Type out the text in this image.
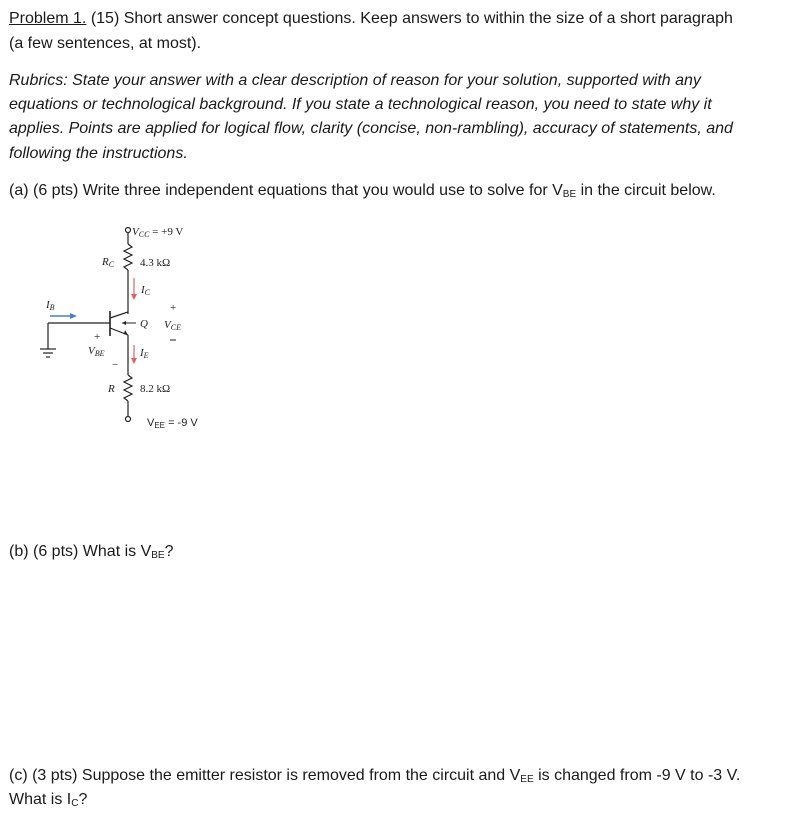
Problem 1. (15) Short answer concept questions. Keep answers to within the size of a short paragraph
(a few sentences, at most).
Rubrics: State your answer with a clear description of reason for your solution, supported with any
equations or technological background. If you state a technological reason, you need to state why it
applies. Points are applied for logical flow, clarity (concise, non-rambling), accuracy of statements, and
following the instructions.
(a) (6 pts) Write three independent equations that you would use to solve for $V_{BE}$ in the circuit below.
VCC = +9 V
RC 4.3 kΩ
IC
IB	+
Q VCE
+
VBE
−
IE
R 8.2 kΩ
VEE = -9 V
(b) (6 pts) What is $V_{BE}$?
(c) (3 pts) Suppose the emitter resistor is removed from the circuit and $V_{EE}$ is changed from -9 V to -3 V.
What is $I_C$?
